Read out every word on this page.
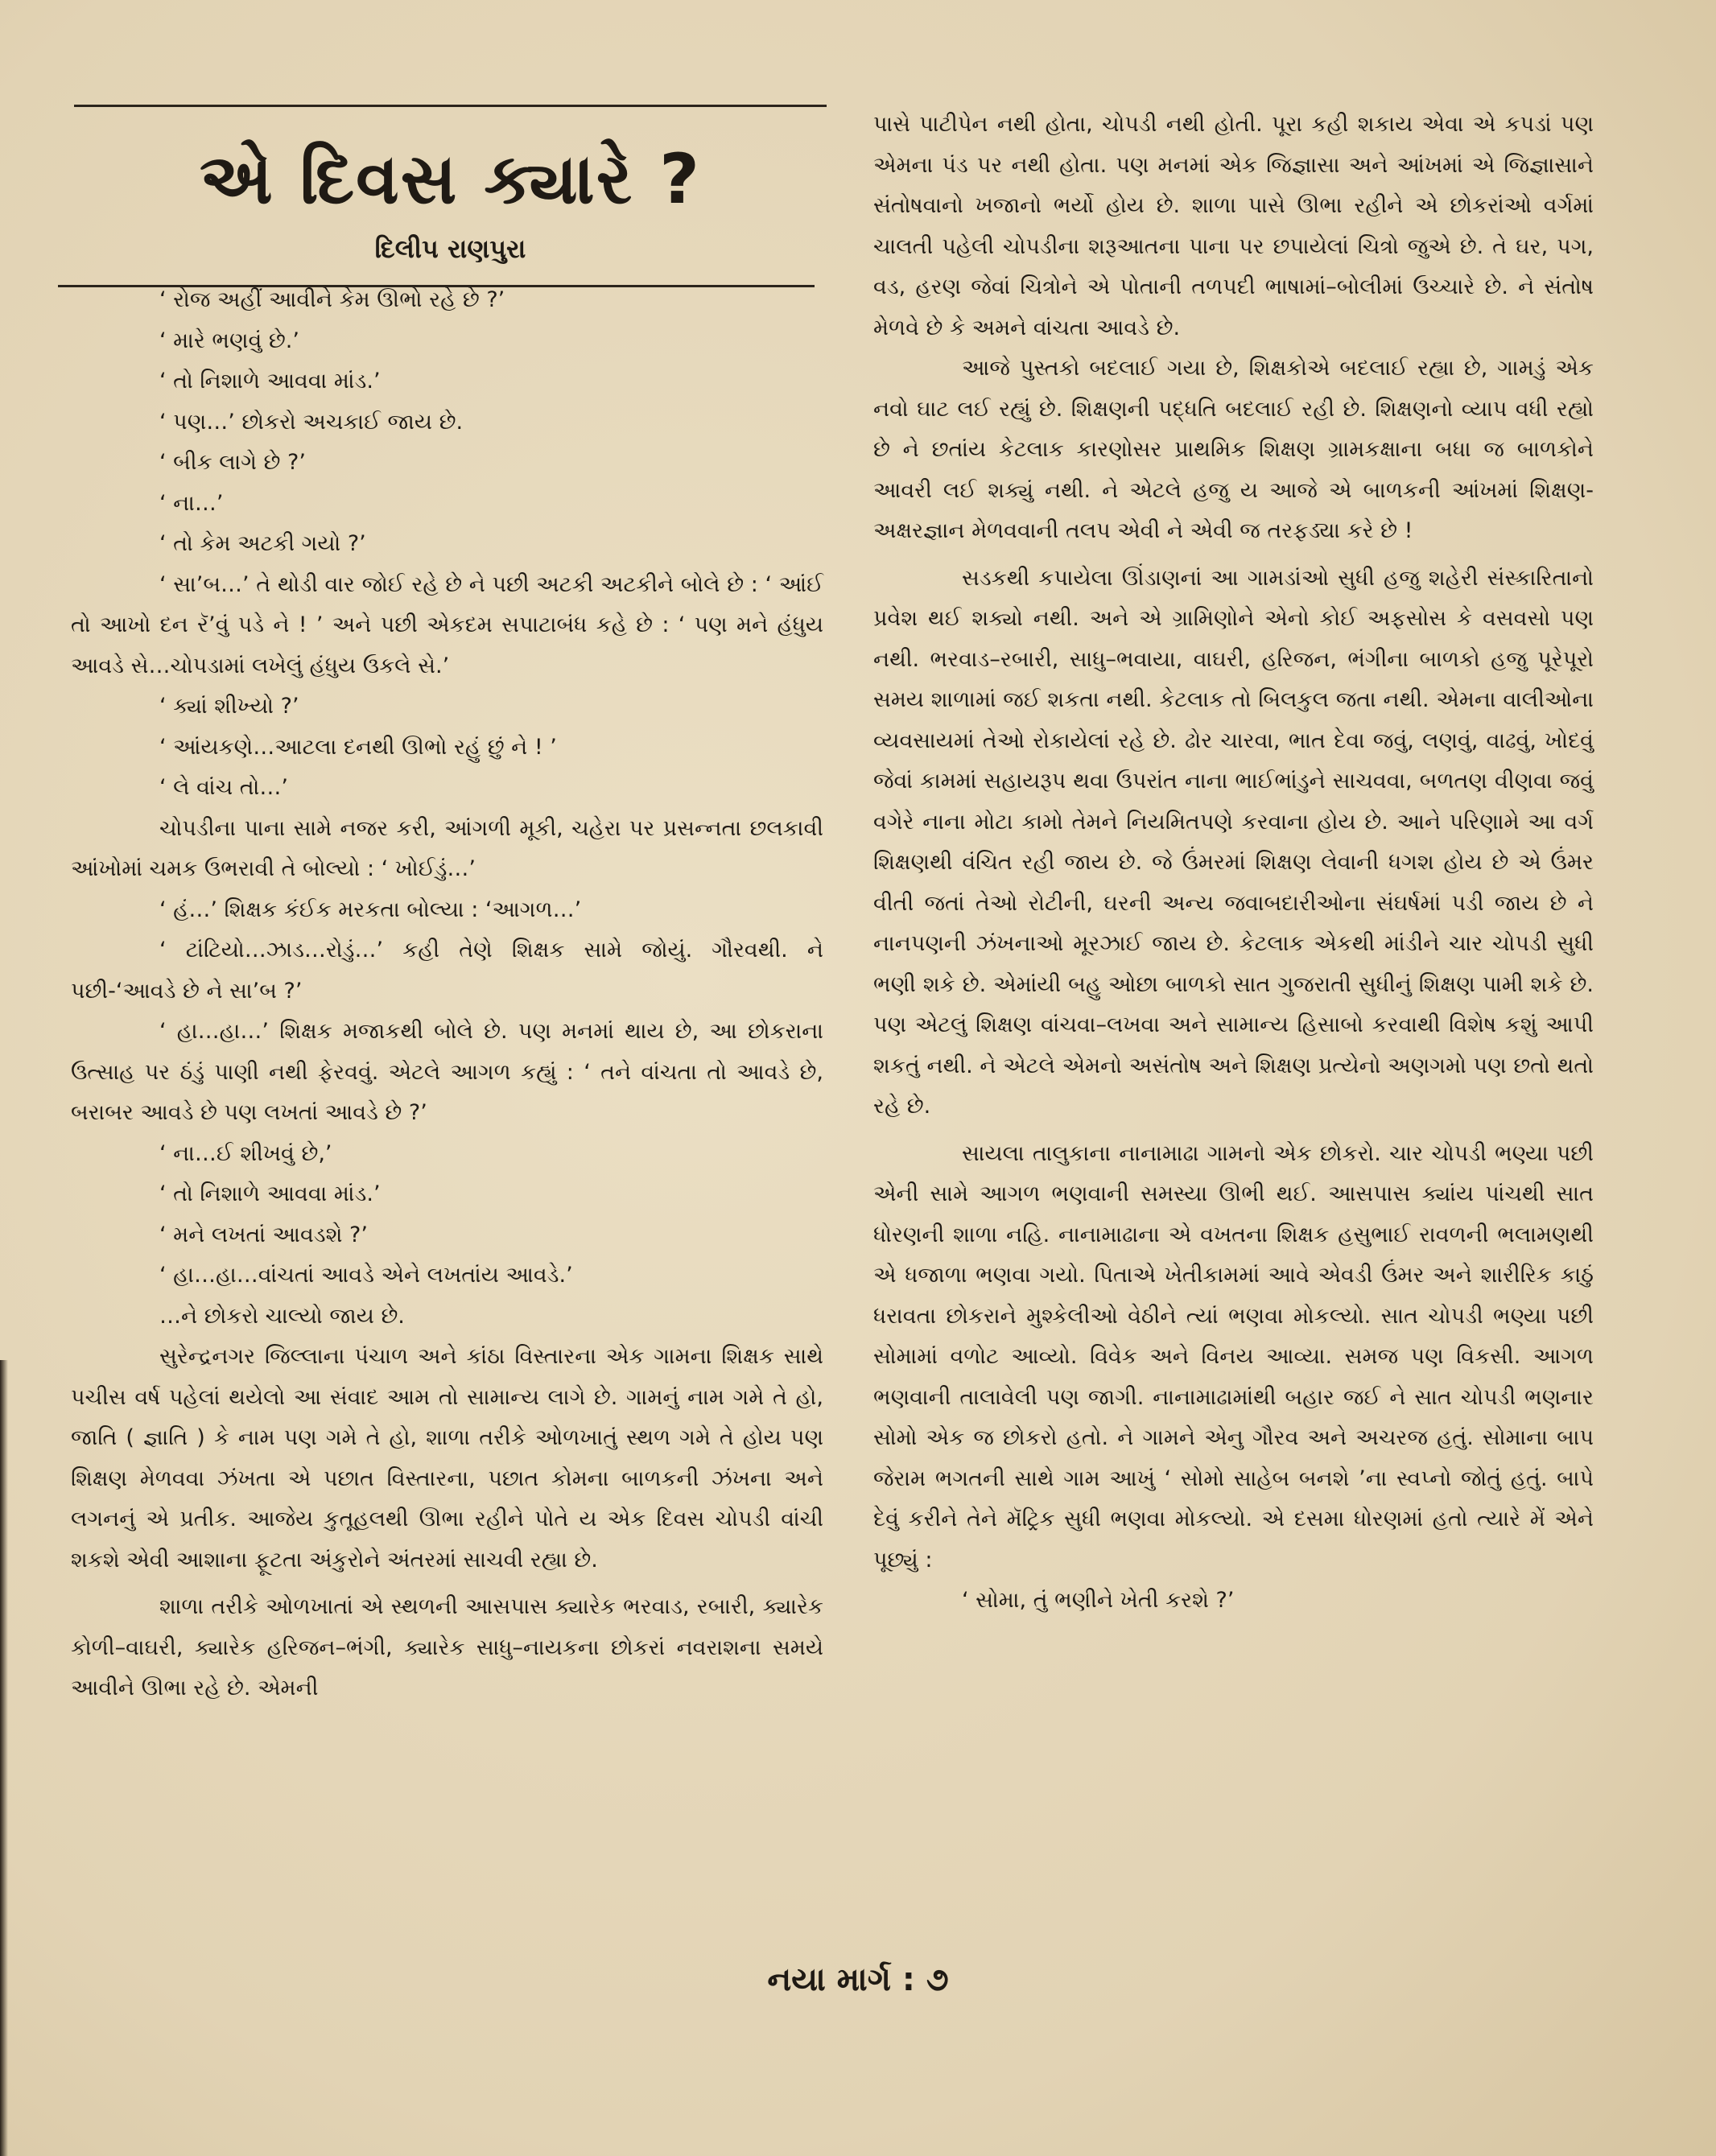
એ દિવસ ક્યારે ?
દિલીપ રાણપુરા

‘ રોજ અહીં આવીને કેમ ઊભો રહે છે ?’

‘ મારે ભણવું છે.’

‘ તો નિશાળે આવવા માંડ.’

‘ પણ…’ છોકરો અચકાઈ જાય છે.

‘ બીક લાગે છે ?’

‘ ના…’

‘ તો કેમ અટકી ગયો ?’

‘ સા’બ…’ તે થોડી વાર જોઈ રહે છે ને પછી અટકી અટકીને બોલે છે : ‘ આંઈ તો આખો દન રૅ’વું પડે ને ! ’ અને પછી એકદમ સપાટાબંધ કહે છે : ‘ પણ મને હંધુય આવડે સે…ચોપડામાં લખેલું હંધુય ઉકલે સે.’

‘ ક્યાં શીખ્યો ?’

‘ આંયકણે…આટલા દનથી ઊભો રહું છું ને ! ’

‘ લે વાંચ તો…’

ચોપડીના પાના સામે નજર કરી, આંગળી મૂકી, ચહેરા પર પ્રસન્નતા છલકાવી આંખોમાં ચમક ઉભરાવી તે બોલ્યો : ‘ ખોઈડું…’

‘ હં…’ શિક્ષક કંઈક મરકતા બોલ્યા : ‘આગળ…’

‘ ટાંટિયો…ઝાડ…રોડું…’ કહી તેણે શિક્ષક સામે જોયું. ગૌરવથી. ને પછી-‘આવડે છે ને સા’બ ?’

‘ હા…હા…’ શિક્ષક મજાકથી બોલે છે. પણ મનમાં થાય છે, આ છોકરાના ઉત્સાહ પર ઠંડું પાણી નથી ફેરવવું. એટલે આગળ કહ્યું : ‘ તને વાંચતા તો આવડે છે, બરાબર આવડે છે પણ લખતાં આવડે છે ?’

‘ ના…ઈ શીખવું છે,’

‘ તો નિશાળે આવવા માંડ.’

‘ મને લખતાં આવડશે ?’

‘ હા…હા…વાંચતાં આવડે એને લખતાંય આવડે.’

…ને છોકરો ચાલ્યો જાય છે.

સુરેન્દ્રનગર જિલ્લાના પંચાળ અને કાંઠા વિસ્તારના એક ગામના શિક્ષક સાથે પચીસ વર્ષ પહેલાં થયેલો આ સંવાદ આમ તો સામાન્ય લાગે છે. ગામનું નામ ગમે તે હો, જાતિ ( જ્ઞાતિ ) કે નામ પણ ગમે તે હો, શાળા તરીકે ઓળખાતું સ્થળ ગમે તે હોય પણ શિક્ષણ મેળવવા ઝંખતા એ પછાત વિસ્તારના, પછાત કોમના બાળકની ઝંખના અને લગનનું એ પ્રતીક. આજેય કુતૂહલથી ઊભા રહીને પોતે ય એક દિવસ ચોપડી વાંચી શકશે એવી આશાના ફૂટતા અંકુરોને અંતરમાં સાચવી રહ્યા છે.

શાળા તરીકે ઓળખાતાં એ સ્થળની આસપાસ ક્યારેક ભરવાડ, રબારી, ક્યારેક કોળી–વાઘરી, ક્યારેક હરિજન–ભંગી, ક્યારેક સાધુ–નાયકના છોકરાં નવરાશના સમયે આવીને ઊભા રહે છે. એમની

પાસે પાટીપેન નથી હોતા, ચોપડી નથી હોતી. પૂરા કહી શકાય એવા એ કપડાં પણ એમના પંડ પર નથી હોતા. પણ મનમાં એક જિજ્ઞાસા અને આંખમાં એ જિજ્ઞાસાને સંતોષવાનો ખજાનો ભર્યો હોય છે. શાળા પાસે ઊભા રહીને એ છોકરાંઓ વર્ગમાં ચાલતી પહેલી ચોપડીના શરૂઆતના પાના પર છપાયેલાં ચિત્રો જુએ છે. તે ઘર, પગ, વડ, હરણ જેવાં ચિત્રોને એ પોતાની તળપદી ભાષામાં–બોલીમાં ઉચ્ચારે છે. ને સંતોષ મેળવે છે કે અમને વાંચતા આવડે છે.

આજે પુસ્તકો બદલાઈ ગયા છે, શિક્ષકોએ બદલાઈ રહ્યા છે, ગામડું એક નવો ઘાટ લઈ રહ્યું છે. શિક્ષણની પદ્ધતિ બદલાઈ રહી છે. શિક્ષણનો વ્યાપ વધી રહ્યો છે ને છતાંય કેટલાક કારણોસર પ્રાથમિક શિક્ષણ ગ્રામકક્ષાના બધા જ બાળકોને આવરી લઈ શક્યું નથી. ને એટલે હજુ ય આજે એ બાળકની આંખમાં શિક્ષણ-અક્ષરજ્ઞાન મેળવવાની તલપ એવી ને એવી જ તરફડ્યા કરે છે !

સડકથી કપાયેલા ઊંડાણનાં આ ગામડાંઓ સુધી હજુ શહેરી સંસ્કારિતાનો પ્રવેશ થઈ શક્યો નથી. અને એ ગ્રામિણોને એનો કોઈ અફસોસ કે વસવસો પણ નથી. ભરવાડ–રબારી, સાધુ–ભવાયા, વાઘરી, હરિજન, ભંગીના બાળકો હજુ પૂરેપૂરો સમય શાળામાં જઈ શકતા નથી. કેટલાક તો બિલકુલ જતા નથી. એમના વાલીઓના વ્યવસાયમાં તેઓ રોકાયેલાં રહે છે. ઢોર ચારવા, ભાત દેવા જવું, લણવું, વાઢવું, ખોદવું જેવાં કામમાં સહાયરૂપ થવા ઉપરાંત નાના ભાઈભાંડુને સાચવવા, બળતણ વીણવા જવું વગેરે નાના મોટા કામો તેમને નિયમિતપણે કરવાના હોય છે. આને પરિણામે આ વર્ગ શિક્ષણથી વંચિત રહી જાય છે. જે ઉંમરમાં શિક્ષણ લેવાની ધગશ હોય છે એ ઉંમર વીતી જતાં તેઓ રોટીની, ઘરની અન્ય જવાબદારીઓના સંઘર્ષમાં પડી જાય છે ને નાનપણની ઝંખનાઓ મૂરઝાઈ જાય છે. કેટલાક એકથી માંડીને ચાર ચોપડી સુધી ભણી શકે છે. એમાંયી બહુ ઓછા બાળકો સાત ગુજરાતી સુધીનું શિક્ષણ પામી શકે છે. પણ એટલું શિક્ષણ વાંચવા–લખવા અને સામાન્ય હિસાબો કરવાથી વિશેષ કશું આપી શકતું નથી. ને એટલે એમનો અસંતોષ અને શિક્ષણ પ્રત્યેનો અણગમો પણ છતો થતો રહે છે.

સાયલા તાલુકાના નાનામાઢા ગામનો એક છોકરો. ચાર ચોપડી ભણ્યા પછી એની સામે આગળ ભણવાની સમસ્યા ઊભી થઈ. આસપાસ ક્યાંય પાંચથી સાત ધોરણની શાળા નહિ. નાનામાઢાના એ વખતના શિક્ષક હસુભાઈ રાવળની ભલામણથી એ ધજાળા ભણવા ગયો. પિતાએ ખેતીકામમાં આવે એવડી ઉંમર અને શારીરિક કાઠું ધરાવતા છોકરાને મુશ્કેલીઓ વેઠીને ત્યાં ભણવા મોકલ્યો. સાત ચોપડી ભણ્યા પછી સોમામાં વળોટ આવ્યો. વિવેક અને વિનય આવ્યા. સમજ પણ વિકસી. આગળ ભણવાની તાલાવેલી પણ જાગી. નાનામાઢામાંથી બહાર જઈ ને સાત ચોપડી ભણનાર સોમો એક જ છોકરો હતો. ને ગામને એનુ ગૌરવ અને અચરજ હતું. સોમાના બાપ જેરામ ભગતની સાથે ગામ આખું ‘ સોમો સાહેબ બનશે ’ના સ્વપ્નો જોતું હતું. બાપે દેવું કરીને તેને મૅટ્રિક સુધી ભણવા મોકલ્યો. એ દસમા ધોરણમાં હતો ત્યારે મેં એને પૂછ્યું :

‘ સોમા, તું ભણીને ખેતી કરશે ?’

નયા માર્ગ : ૭
